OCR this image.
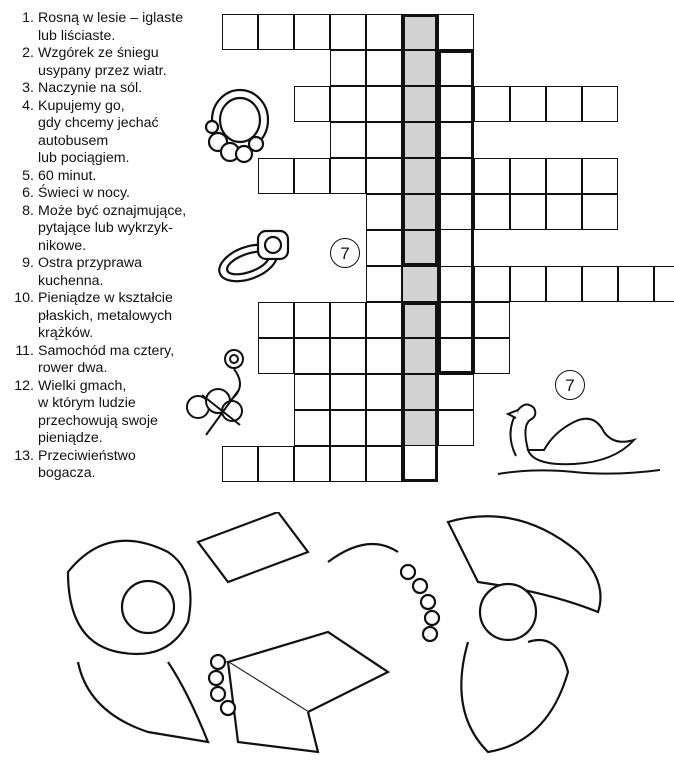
1. Rosną w lesie – iglaste
lub liściaste.
2. Wzgórek ze śniegu
usypany przez wiatr.
3. Naczynie na sól.
4. Kupujemy go,
gdy chcemy jechać
autobusem
lub pociągiem.
5. 60 minut.
6. Świeci w nocy.
8. Może być oznajmujące,
pytające lub wykrzyk-
nikowe.
9. Ostra przyprawa
kuchenna.
10. Pieniądze w kształcie
płaskich, metalowych
krążków.
11. Samochód ma cztery,
rower dwa.
12. Wielki gmach,
w którym ludzie
przechowują swoje
pieniądze.
13. Przeciwieństwo
bogacza.
7
7
